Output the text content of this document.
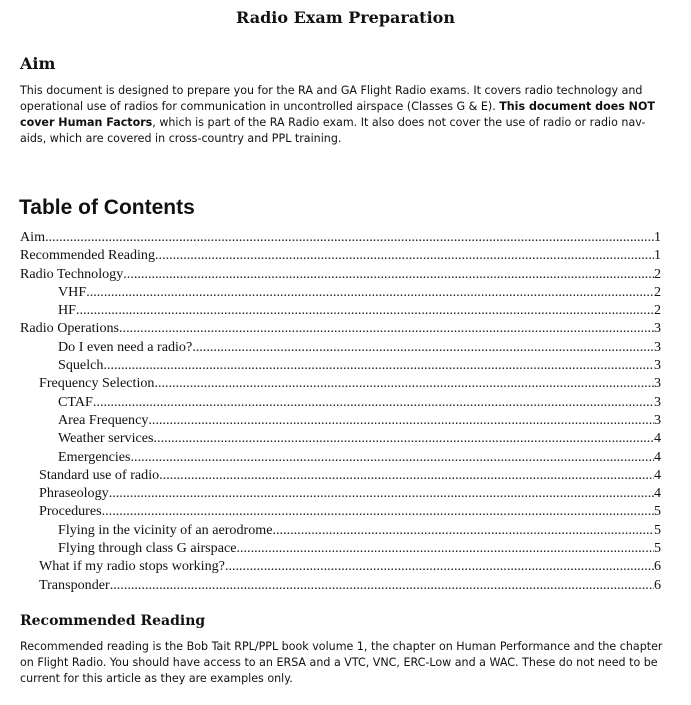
Radio Exam Preparation
Aim
This document is designed to prepare you for the RA and GA Flight Radio exams. It covers radio technology and operational use of radios for communication in uncontrolled airspace (Classes G & E). This document does NOT cover Human Factors, which is part of the RA Radio exam. It also does not cover the use of radio or radio nav-aids, which are covered in cross-country and PPL training.
Table of Contents
Aim .....	1
Recommended Reading .....	1
Radio Technology .....	2
VHF .....	2
HF .....	2
Radio Operations .....	3
Do I even need a radio? .....	3
Squelch .....	3
Frequency Selection .....	3
CTAF .....	3
Area Frequency .....	3
Weather services .....	4
Emergencies .....	4
Standard use of radio .....	4
Phraseology .....	4
Procedures .....	5
Flying in the vicinity of an aerodrome .....	5
Flying through class G airspace .....	5
What if my radio stops working? .....	6
Transponder .....	6
Recommended Reading
Recommended reading is the Bob Tait RPL/PPL book volume 1, the chapter on Human Performance and the chapter on Flight Radio. You should have access to an ERSA and a VTC, VNC, ERC-Low and a WAC. These do not need to be current for this article as they are examples only.
